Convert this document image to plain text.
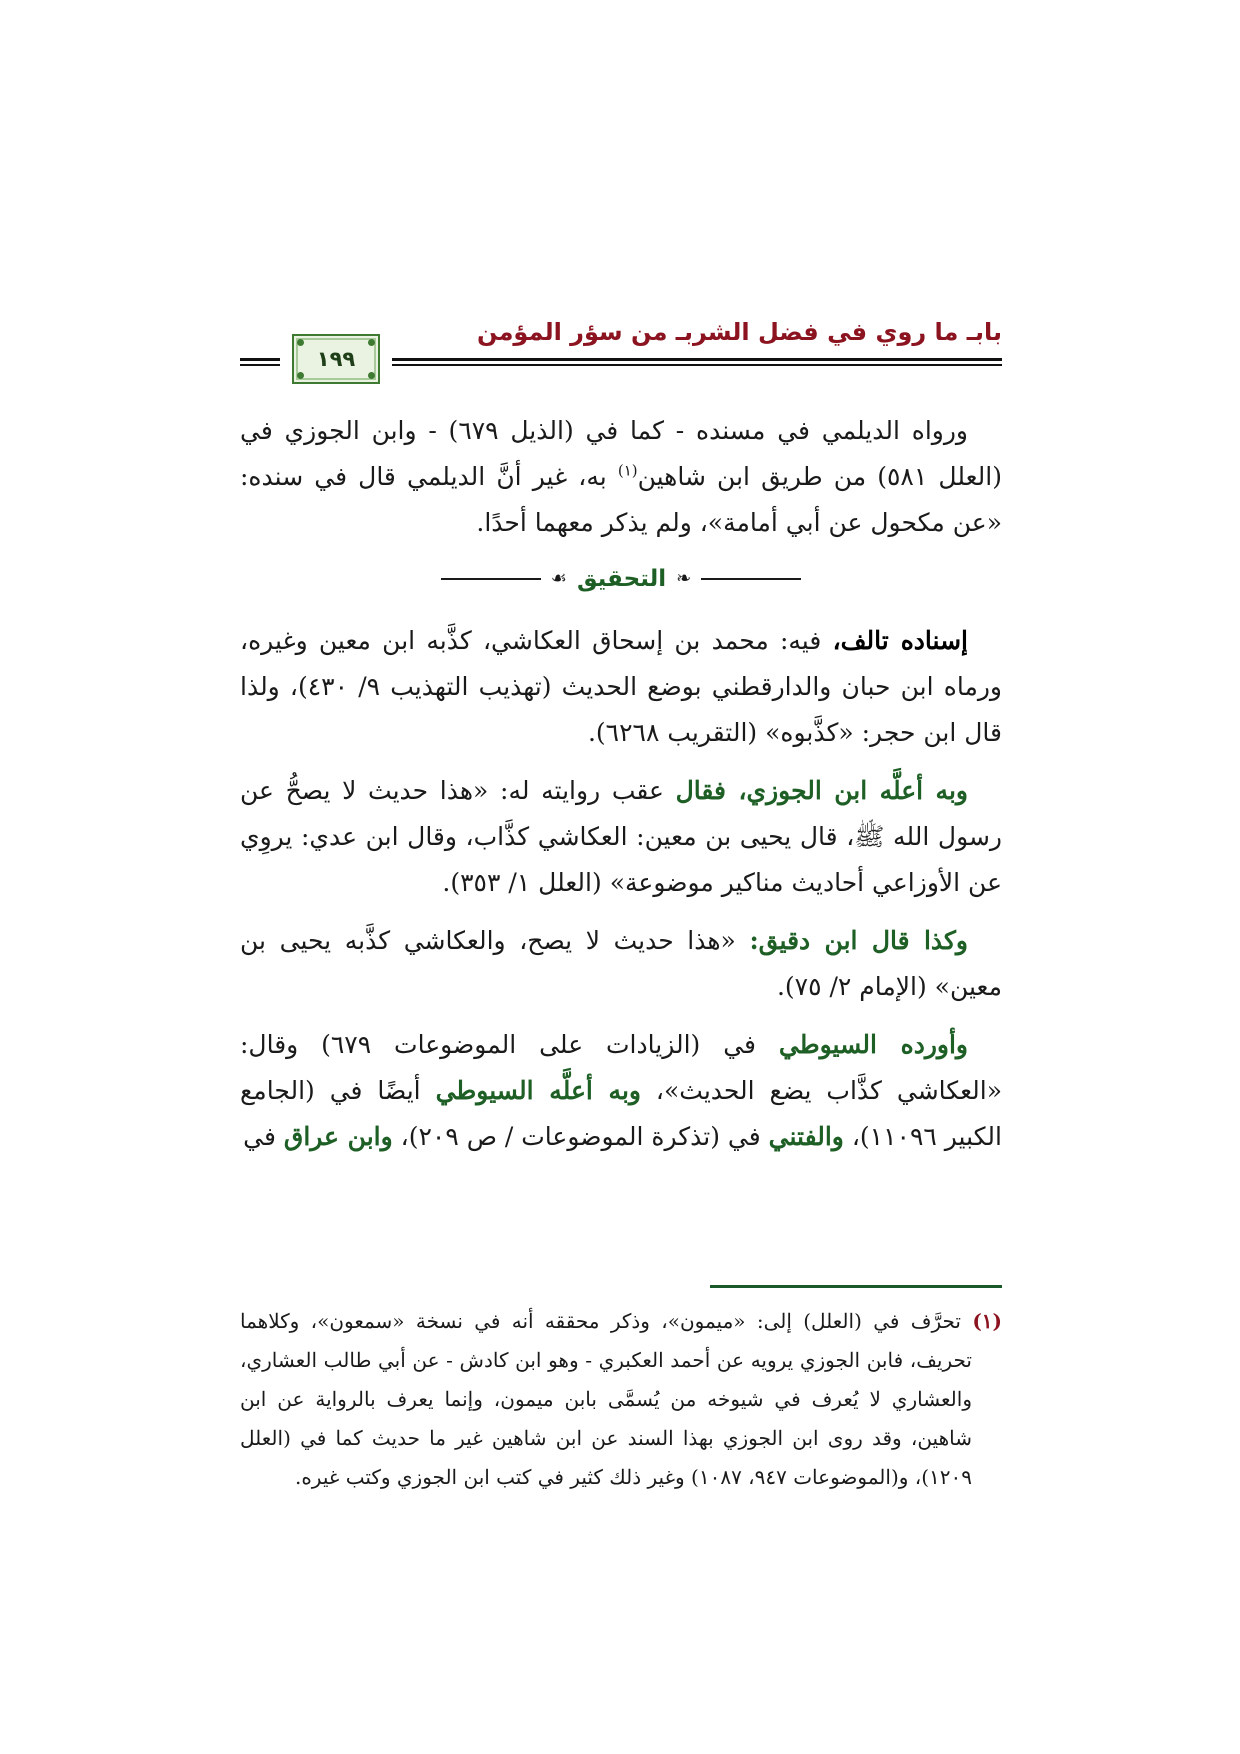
بابـ ما روي في فضل الشربـ من سؤر المؤمن
١٩٩

ورواه الديلمي في مسنده - كما في (الذيل ٦٧٩) - وابن الجوزي في (العلل ٥٨١) من طريق ابن شاهين$^{(١)}$ به، غير أنَّ الديلمي قال في سنده: «عن مكحول عن أبي أمامة»، ولم يذكر معهما أحدًا.

❧
التحقيق
☙

إسناده تالف، فيه: محمد بن إسحاق العكاشي، كذَّبه ابن معين وغيره، ورماه ابن حبان والدارقطني بوضع الحديث (تهذيب التهذيب ٩/ ٤٣٠)، ولذا قال ابن حجر: «كذَّبوه» (التقريب ٦٢٦٨).

وبه أعلَّه ابن الجوزي، فقال عقب روايته له: «هذا حديث لا يصحُّ عن رسول الله ﷺ، قال يحيى بن معين: العكاشي كذَّاب، وقال ابن عدي: يروِي عن الأوزاعي أحاديث مناكير موضوعة» (العلل ١/ ٣٥٣).

وكذا قال ابن دقيق: «هذا حديث لا يصح، والعكاشي كذَّبه يحيى بن معين» (الإمام ٢/ ٧٥).

وأورده السيوطي في (الزيادات على الموضوعات ٦٧٩) وقال: «العكاشي كذَّاب يضع الحديث»، وبه أعلَّه السيوطي أيضًا في (الجامع الكبير ١١٠٩٦)، والفتني في (تذكرة الموضوعات / ص ٢٠٩)، وابن عراق في

(١) تحرَّف في (العلل) إلى: «ميمون»، وذكر محققه أنه في نسخة «سمعون»، وكلاهما تحريف، فابن الجوزي يرويه عن أحمد العكبري - وهو ابن كادش - عن أبي طالب العشاري، والعشاري لا يُعرف في شيوخه من يُسمَّى بابن ميمون، وإنما يعرف بالرواية عن ابن شاهين، وقد روى ابن الجوزي بهذا السند عن ابن شاهين غير ما حديث كما في (العلل ١٢٠٩)، و(الموضوعات ٩٤٧، ١٠٨٧) وغير ذلك كثير في كتب ابن الجوزي وكتب غيره.
